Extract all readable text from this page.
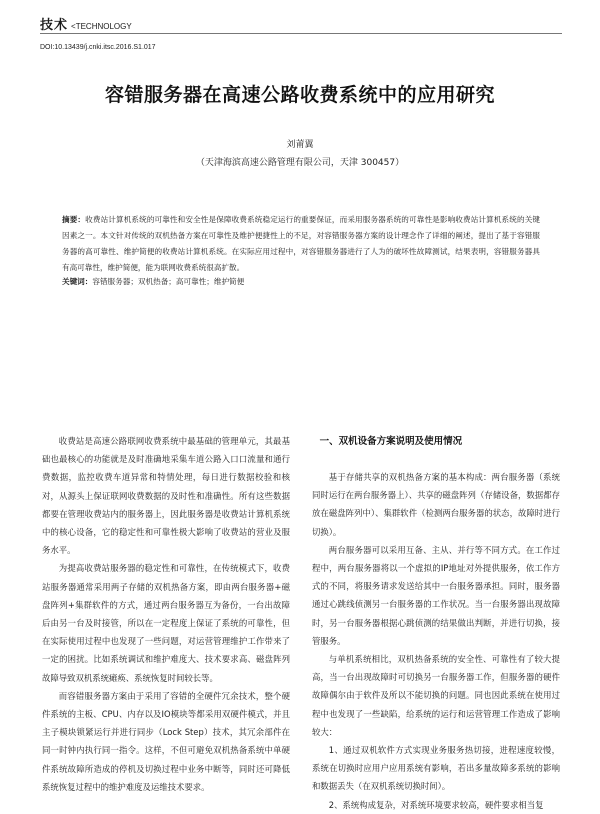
技术 <TECHNOLOGY
DOI:10.13439/j.cnki.itsc.2016.S1.017
容错服务器在高速公路收费系统中的应用研究
刘莆翼
（天津海滨高速公路管理有限公司，天津 300457）
摘要：收费站计算机系统的可靠性和安全性是保障收费系统稳定运行的重要保证，而采用服务器系统的可靠性是影响收费站计算机系统的关键因素之一。本文针对传统的双机热备方案在可靠性及维护便捷性上的不足，对容错服务器方案的设计理念作了详细的阐述，提出了基于容错服务器的高可靠性、维护简便的收费站计算机系统。在实际应用过程中，对容错服务器进行了人为的破坏性故障测试，结果表明，容错服务器具有高可靠性，维护简便，能为联网收费系统很高扩散。
关键词：容错服务器；双机热备；高可靠性；维护简便

收费站是高速公路联网收费系统中最基础的管理单元，其最基础也最核心的功能就是及时准确地采集车道公路入口口流量和通行费数据，监控收费车道异常和特情处理，每日进行数据校验和核对，从源头上保证联网收费数据的及时性和准确性。所有这些数据都要在管理收费站内的服务器上，因此服务器是收费站计算机系统中的核心设备，它的稳定性和可靠性极大影响了收费站的营业及服务水平。

为提高收费站服务器的稳定性和可靠性，在传统模式下，收费站服务器通常采用两子存储的双机热备方案，即由两台服务器+磁盘阵列+集群软件的方式，通过两台服务器互为备份，一台出故障后由另一台及时接管，所以在一定程度上保证了系统的可靠性，但在实际使用过程中也发现了一些问题，对运营管理维护工作带来了一定的困扰。比如系统调试和维护难度大、技术要求高、磁盘阵列故障导致双机系统瘫痪、系统恢复时间较长等。

而容错服务器方案由于采用了容错的全硬件冗余技术，整个硬件系统的主板、CPU、内存以及IO模块等都采用双硬件模式，并且主子模块锁紧运行并进行同步（Lock Step）技术，其冗余部件在同一时钟内执行同一指令。这样，不但可避免双机热备系统中单硬件系统故障所造成的停机及切换过程中业务中断等，同时还可降低系统恢复过程中的维护难度及运维技术要求。

一、双机设备方案说明及使用情况

基于存储共享的双机热备方案的基本构成：两台服务器（系统同时运行在两台服务器上）、共享的磁盘阵列（存储设备，数据都存放在磁盘阵列中）、集群软件（检测两台服务器的状态，故障时进行切换）。

两台服务器可以采用互备、主从、并行等不同方式。在工作过程中，两台服务器将以一个虚拟的IP地址对外提供服务，依工作方式的不同，将服务请求发送给其中一台服务器承担。同时，服务器通过心跳线侦测另一台服务器的工作状况。当一台服务器出现故障时，另一台服务器根据心跳侦测的结果做出判断，并进行切换，接管服务。

与单机系统相比，双机热备系统的安全性、可靠性有了较大提高，当一台出现故障时可切换另一台服务器工作，但服务器的硬件故障偶尔由于软件及所以不能切换的问题。同也因此系统在使用过程中也发现了一些缺陷，给系统的运行和运营管理工作造成了影响较大：

1、通过双机软件方式实现业务服务热切接，进程速度较慢，系统在切换时应用户应用系统有影响，若出多量故障多系统的影响和数据丢失（在双机系统切换时间）。

2、系统构成复杂，对系统环境要求较高，硬件要求相当复
